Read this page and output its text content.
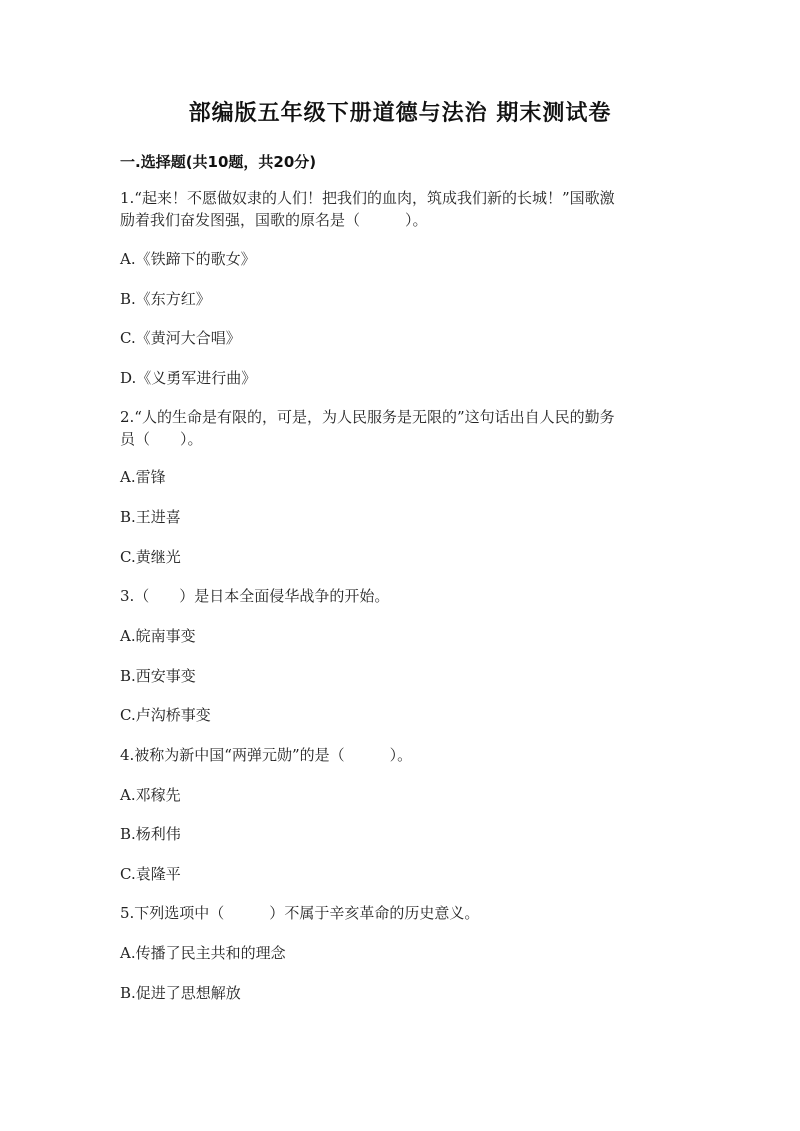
部编版五年级下册道德与法治 期末测试卷
一.选择题(共10题，共20分)
1.“起来！不愿做奴隶的人们！把我们的血肉，筑成我们新的长城！”国歌激
励着我们奋发图强，国歌的原名是（　　　）。
A.《铁蹄下的歌女》
B.《东方红》
C.《黄河大合唱》
D.《义勇军进行曲》
2.“人的生命是有限的，可是，为人民服务是无限的”这句话出自人民的勤务
员（　　）。
A.雷锋
B.王进喜
C.黄继光
3.（　　）是日本全面侵华战争的开始。
A.皖南事变
B.西安事变
C.卢沟桥事变
4.被称为新中国“两弹元勋”的是（　　　）。
A.邓稼先
B.杨利伟
C.袁隆平
5.下列选项中（　　　）不属于辛亥革命的历史意义。
A.传播了民主共和的理念
B.促进了思想解放
